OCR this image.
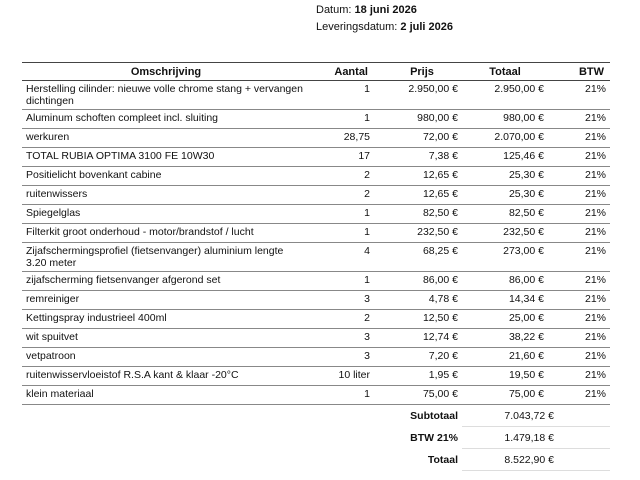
Datum: 18 juni 2026
Leveringsdatum: 2 juli 2026
Omschrijving	Aantal	Prijs	Totaal	BTW
Herstelling cilinder: nieuwe volle chrome stang + vervangen dichtingen	1	2.950,00 €	2.950,00 €	21%
Aluminum schoften compleet incl. sluiting	1	980,00 €	980,00 €	21%
werkuren	28,75	72,00 €	2.070,00 €	21%
TOTAL RUBIA OPTIMA 3100 FE 10W30	17	7,38 €	125,46 €	21%
Positielicht bovenkant cabine	2	12,65 €	25,30 €	21%
ruitenwissers	2	12,65 €	25,30 €	21%
Spiegelglas	1	82,50 €	82,50 €	21%
Filterkit groot onderhoud - motor/brandstof / lucht	1	232,50 €	232,50 €	21%
Zijafschermingsprofiel (fietsenvanger) aluminium lengte 3.20 meter	4	68,25 €	273,00 €	21%
zijafscherming fietsenvanger afgerond set	1	86,00 €	86,00 €	21%
remreiniger	3	4,78 €	14,34 €	21%
Kettingspray industrieel 400ml	2	12,50 €	25,00 €	21%
wit spuitvet	3	12,74 €	38,22 €	21%
vetpatroon	3	7,20 €	21,60 €	21%
ruitenwisservloeistof R.S.A kant & klaar -20°C	10 liter	1,95 €	19,50 €	21%
klein materiaal	1	75,00 €	75,00 €	21%
		Subtotaal	7.043,72 €	
		BTW 21%	1.479,18 €	
		Totaal	8.522,90 €	
